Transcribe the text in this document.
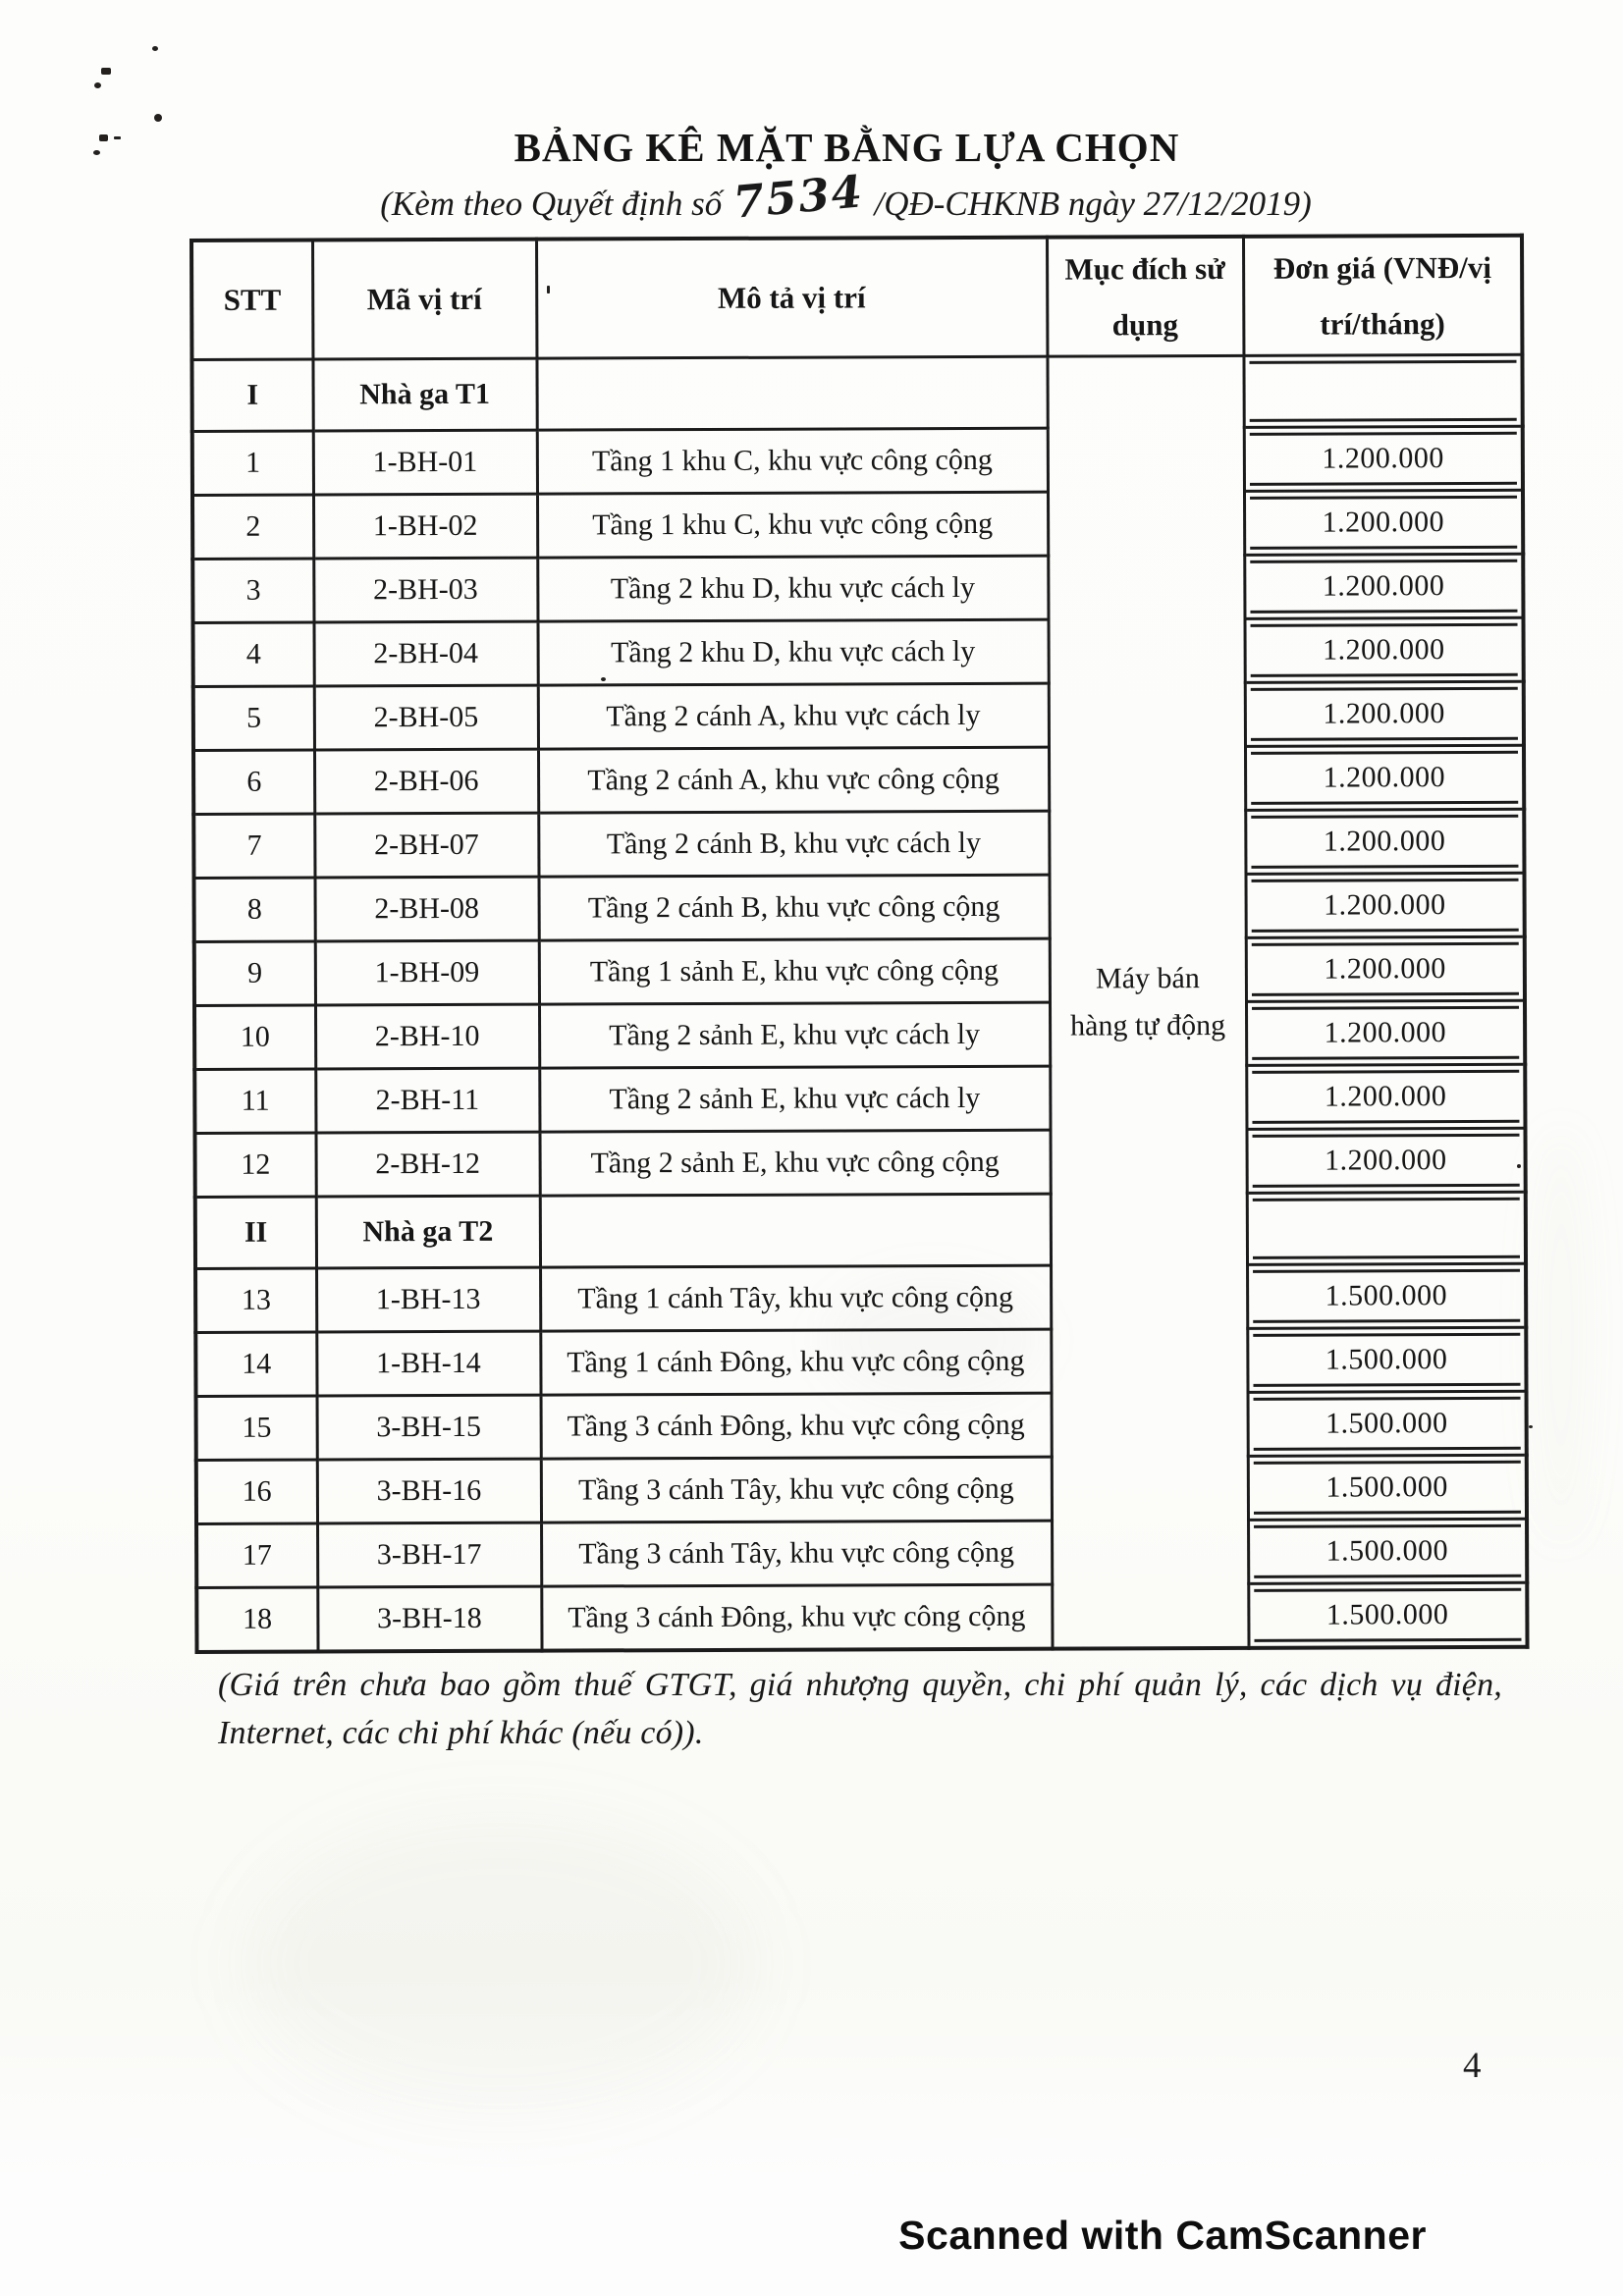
BẢNG KÊ MẶT BẰNG LỰA CHỌN
(Kèm theo Quyết định số 7534 /QĐ-CHKNB ngày 27/12/2019)
STT	Mã vị trí	Mô tả vị trí	Mục đích sử dụng	Đơn giá (VNĐ/vị trí/tháng)
I	Nhà ga T1		Máy bán hàng tự động	

1	1-BH-01	Tầng 1 khu C, khu vực công cộng		1.200.000

2	1-BH-02	Tầng 1 khu C, khu vực công cộng		1.200.000

3	2-BH-03	Tầng 2 khu D, khu vực cách ly		1.200.000

4	2-BH-04	Tầng 2 khu D, khu vực cách ly		1.200.000

5	2-BH-05	Tầng 2 cánh A, khu vực cách ly		1.200.000

6	2-BH-06	Tầng 2 cánh A, khu vực công cộng		1.200.000

7	2-BH-07	Tầng 2 cánh B, khu vực cách ly		1.200.000

8	2-BH-08	Tầng 2 cánh B, khu vực công cộng		1.200.000

9	1-BH-09	Tầng 1 sảnh E, khu vực công cộng		1.200.000

10	2-BH-10	Tầng 2 sảnh E, khu vực cách ly		1.200.000

11	2-BH-11	Tầng 2 sảnh E, khu vực cách ly		1.200.000

12	2-BH-12	Tầng 2 sảnh E, khu vực công cộng		1.200.000

II	Nhà ga T2			

13	1-BH-13	Tầng 1 cánh Tây, khu vực công cộng		1.500.000

14	1-BH-14	Tầng 1 cánh Đông, khu vực công cộng		1.500.000

15	3-BH-15	Tầng 3 cánh Đông, khu vực công cộng		1.500.000

16	3-BH-16	Tầng 3 cánh Tây, khu vực công cộng		1.500.000

17	3-BH-17	Tầng 3 cánh Tây, khu vực công cộng		1.500.000

18	3-BH-18	Tầng 3 cánh Đông, khu vực công cộng		1.500.000
(Giá trên chưa bao gồm thuế GTGT, giá nhượng quyền, chi phí quản lý, các dịch vụ điện, Internet, các chi phí khác (nếu có)).
4
Scanned with CamScanner
